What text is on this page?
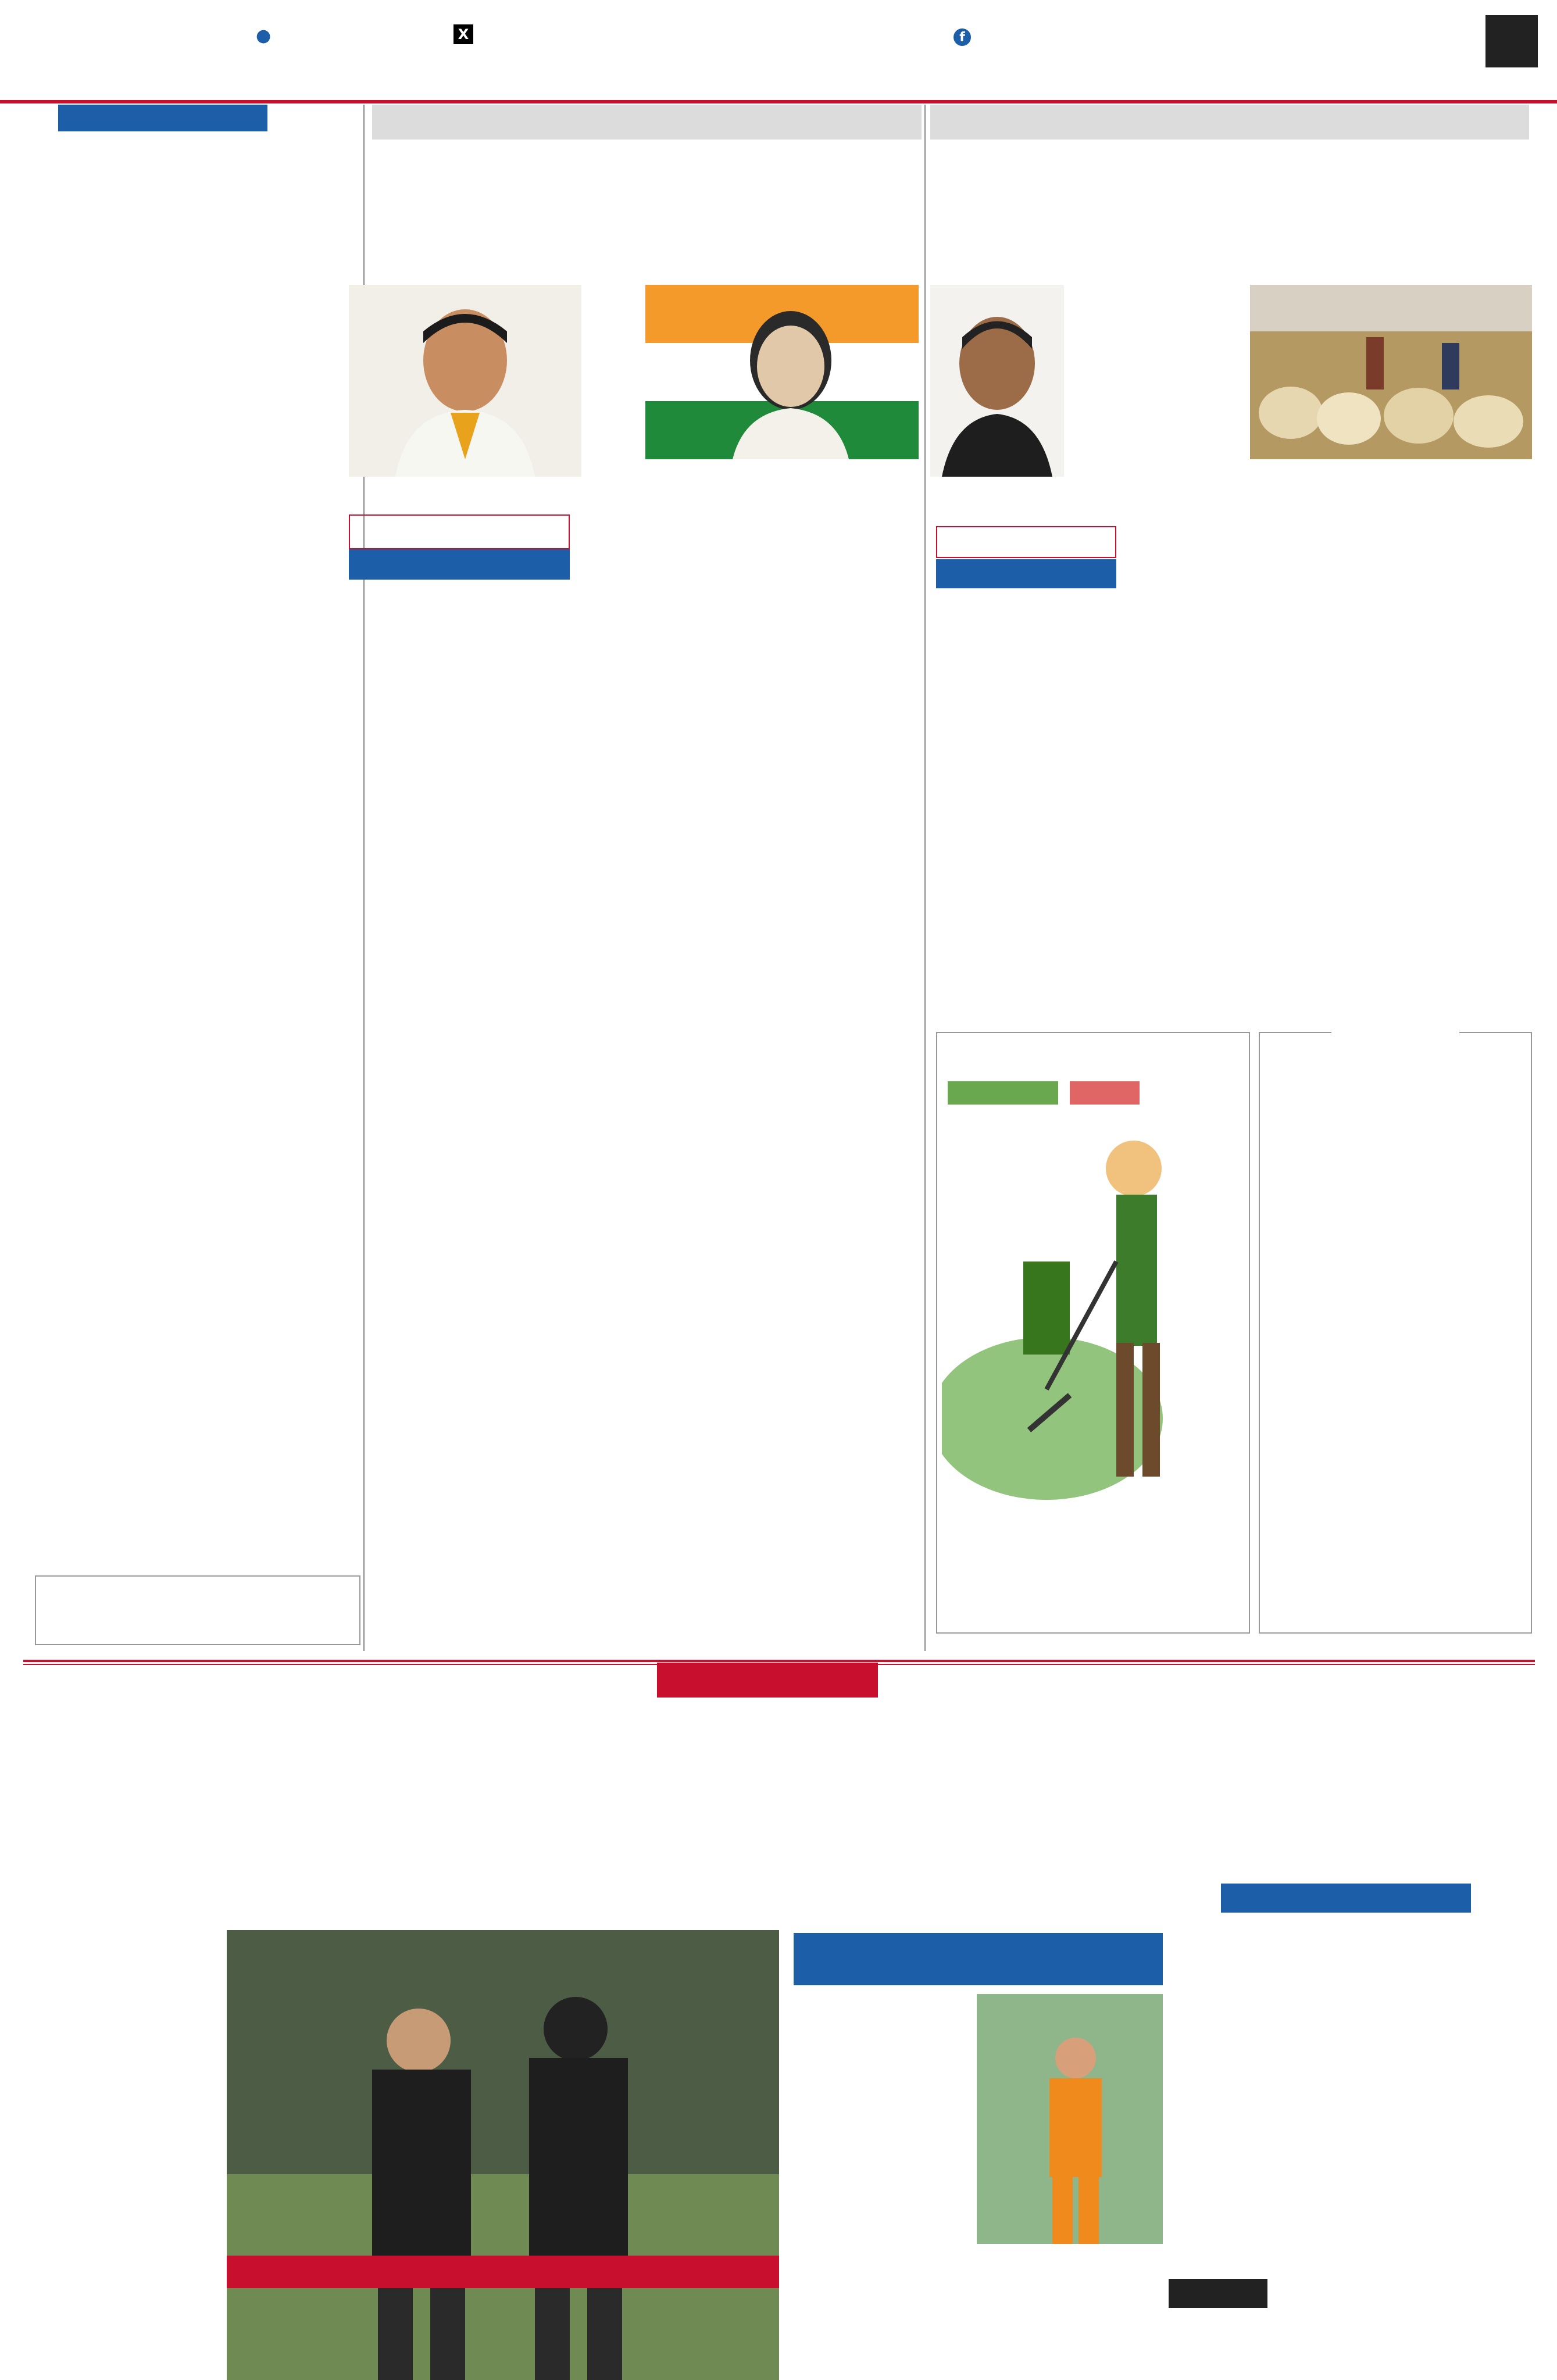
●	X	f
